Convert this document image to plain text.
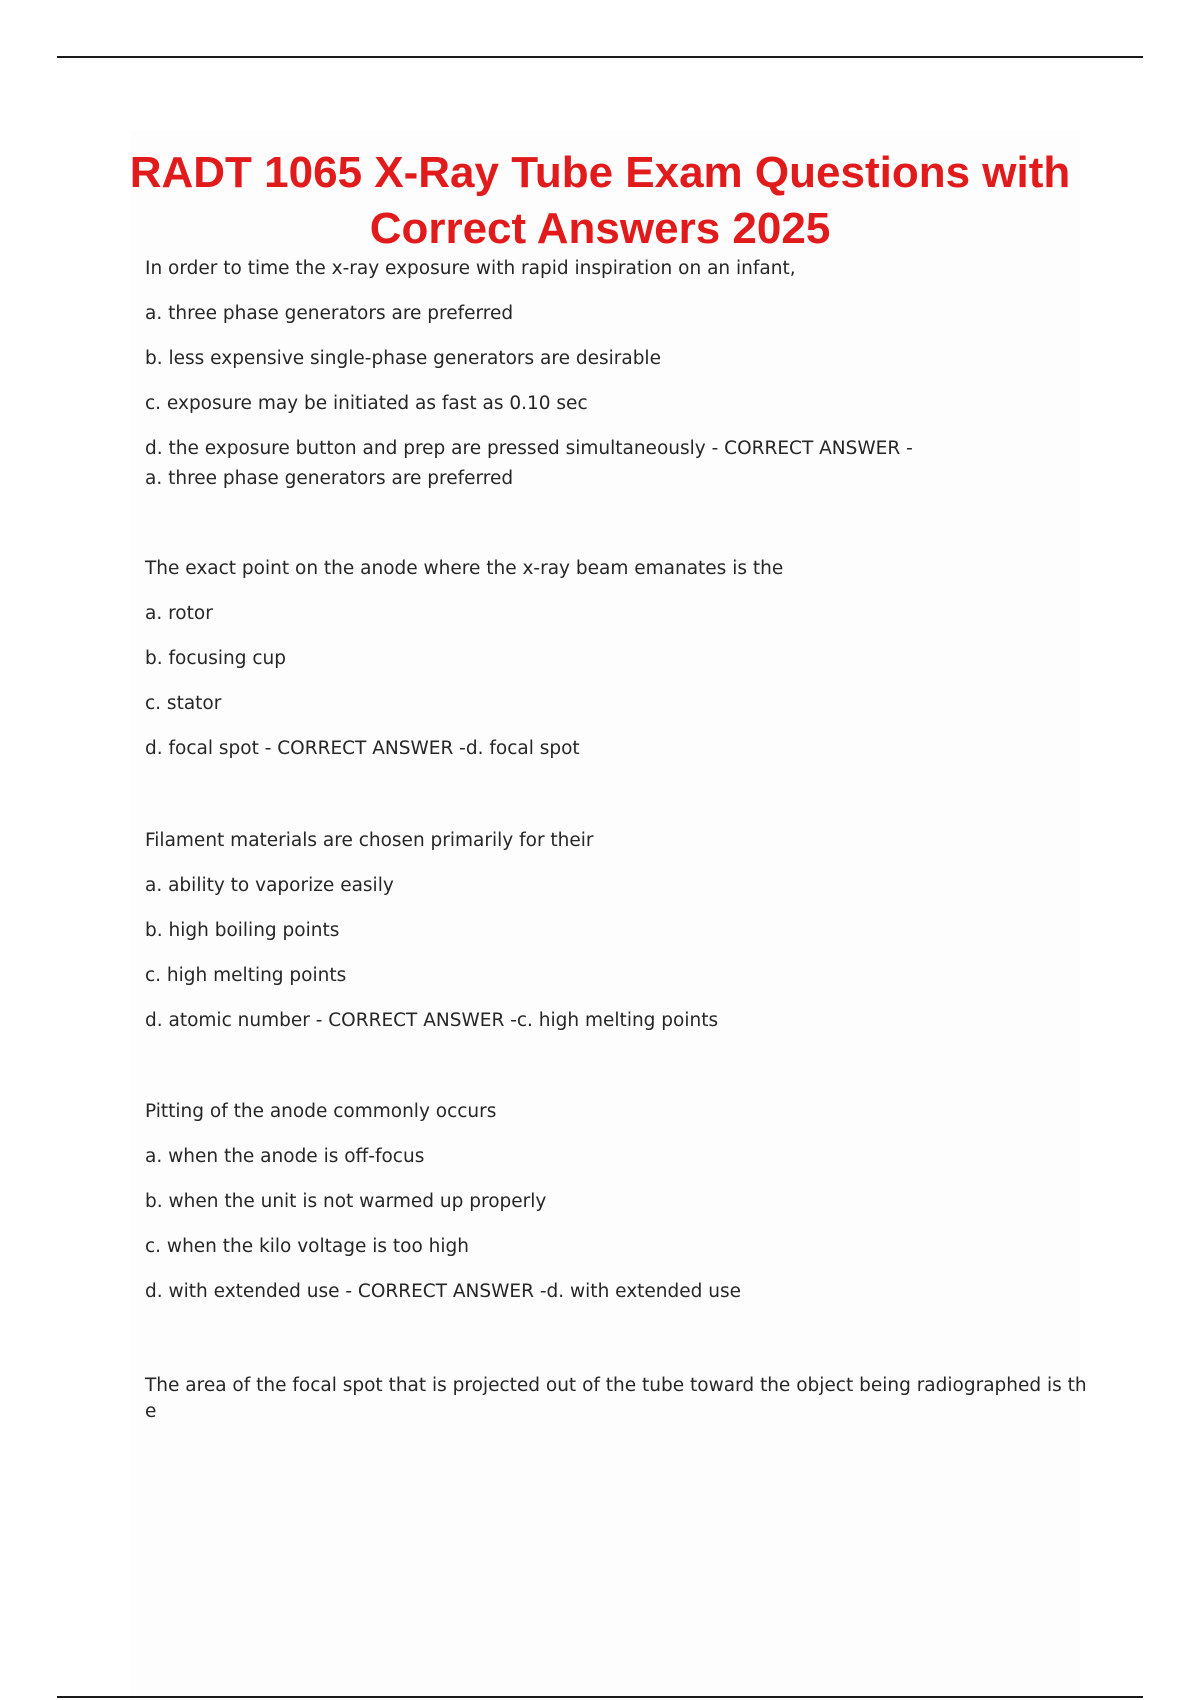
RADT 1065 X-Ray Tube Exam Questions with Correct Answers 2025

In order to time the x-ray exposure with rapid inspiration on an infant,

a. three phase generators are preferred

b. less expensive single-phase generators are desirable

c. exposure may be initiated as fast as 0.10 sec

d. the exposure button and prep are pressed simultaneously - CORRECT ANSWER -

a. three phase generators are preferred

The exact point on the anode where the x-ray beam emanates is the

a. rotor

b. focusing cup

c. stator

d. focal spot - CORRECT ANSWER -d. focal spot

Filament materials are chosen primarily for their

a. ability to vaporize easily

b. high boiling points

c. high melting points

d. atomic number - CORRECT ANSWER -c. high melting points

Pitting of the anode commonly occurs

a. when the anode is off-focus

b. when the unit is not warmed up properly

c. when the kilo voltage is too high

d. with extended use - CORRECT ANSWER -d. with extended use

The area of the focal spot that is projected out of the tube toward the object being radiographed is th

e
